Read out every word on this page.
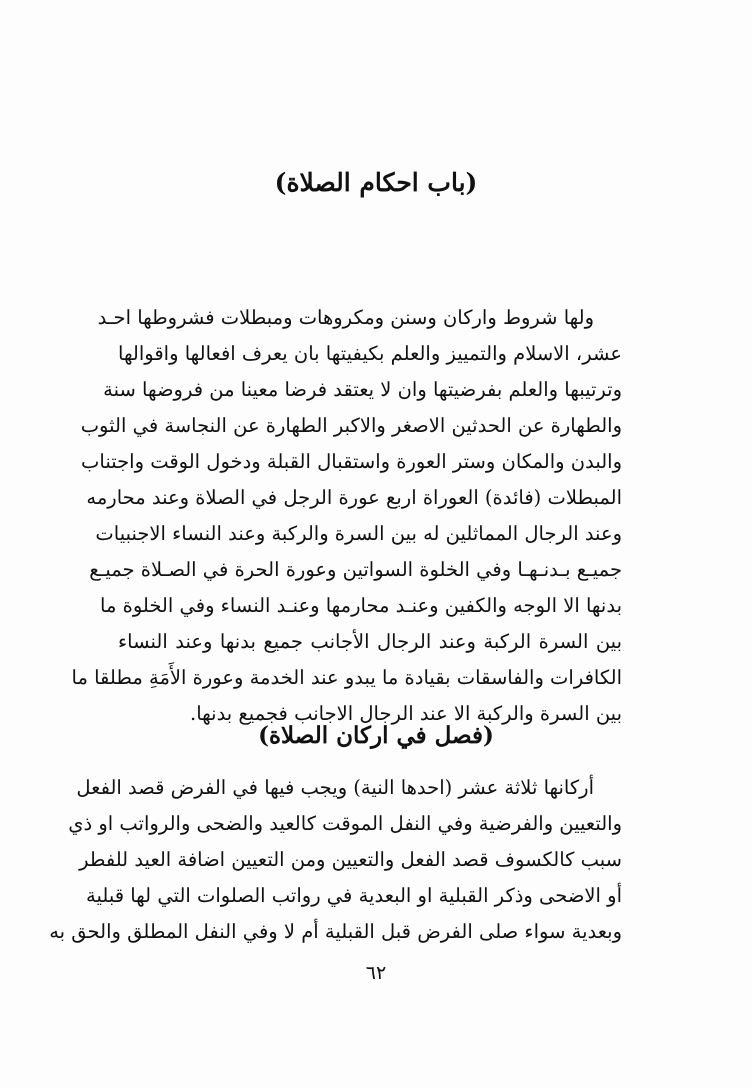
(باب احكام الصلاة)
ولها شروط واركان وسنن ومكروهات ومبطلات فشروطها احـد
عشر، الاسلام والتمييز والعلم بكيفيتها بان يعرف افعالها واقوالها
وترتيبها والعلم بفرضيتها وان لا يعتقد فرضا معينا من فروضها سنة
والطهارة عن الحدثين الاصغر والاكبر الطهارة عن النجاسة في الثوب
والبدن والمكان وستر العورة واستقبال القبلة ودخول الوقت واجتناب
المبطلات (فائدة) العوراة اربع عورة الرجل في الصلاة وعند محارمه
وعند الرجال المماثلين له بين السرة والركبة وعند النساء الاجنبيات
جميـع بـدنـهـا وفي الخلوة السواتين وعورة الحرة في الصـلاة جميـع
بدنها الا الوجه والكفين وعنـد محارمها وعنـد النساء وفي الخلوة ما
بين السرة الركبة وعند الرجال الأجانب جميع بدنها وعند النساء
الكافرات والفاسقات بقيادة ما يبدو عند الخدمة وعورة الأَمَةِ مطلقا ما
بين السرة والركبة الا عند الرجال الاجانب فجميع بدنها.
(فصل في اركان الصلاة)
أركانها ثلاثة عشر (احدها النية) ويجب فيها في الفرض قصد الفعل
والتعيين والفرضية وفي النفل الموقت كالعيد والضحى والرواتب او ذي
سبب كالكسوف قصد الفعل والتعيين ومن التعيين اضافة العيد للفطر
أو الاضحى وذكر القبلية او البعدية في رواتب الصلوات التي لها قبلية
وبعدية سواء صلى الفرض قبل القبلية أم لا وفي النفل المطلق والحق به
٦٢
